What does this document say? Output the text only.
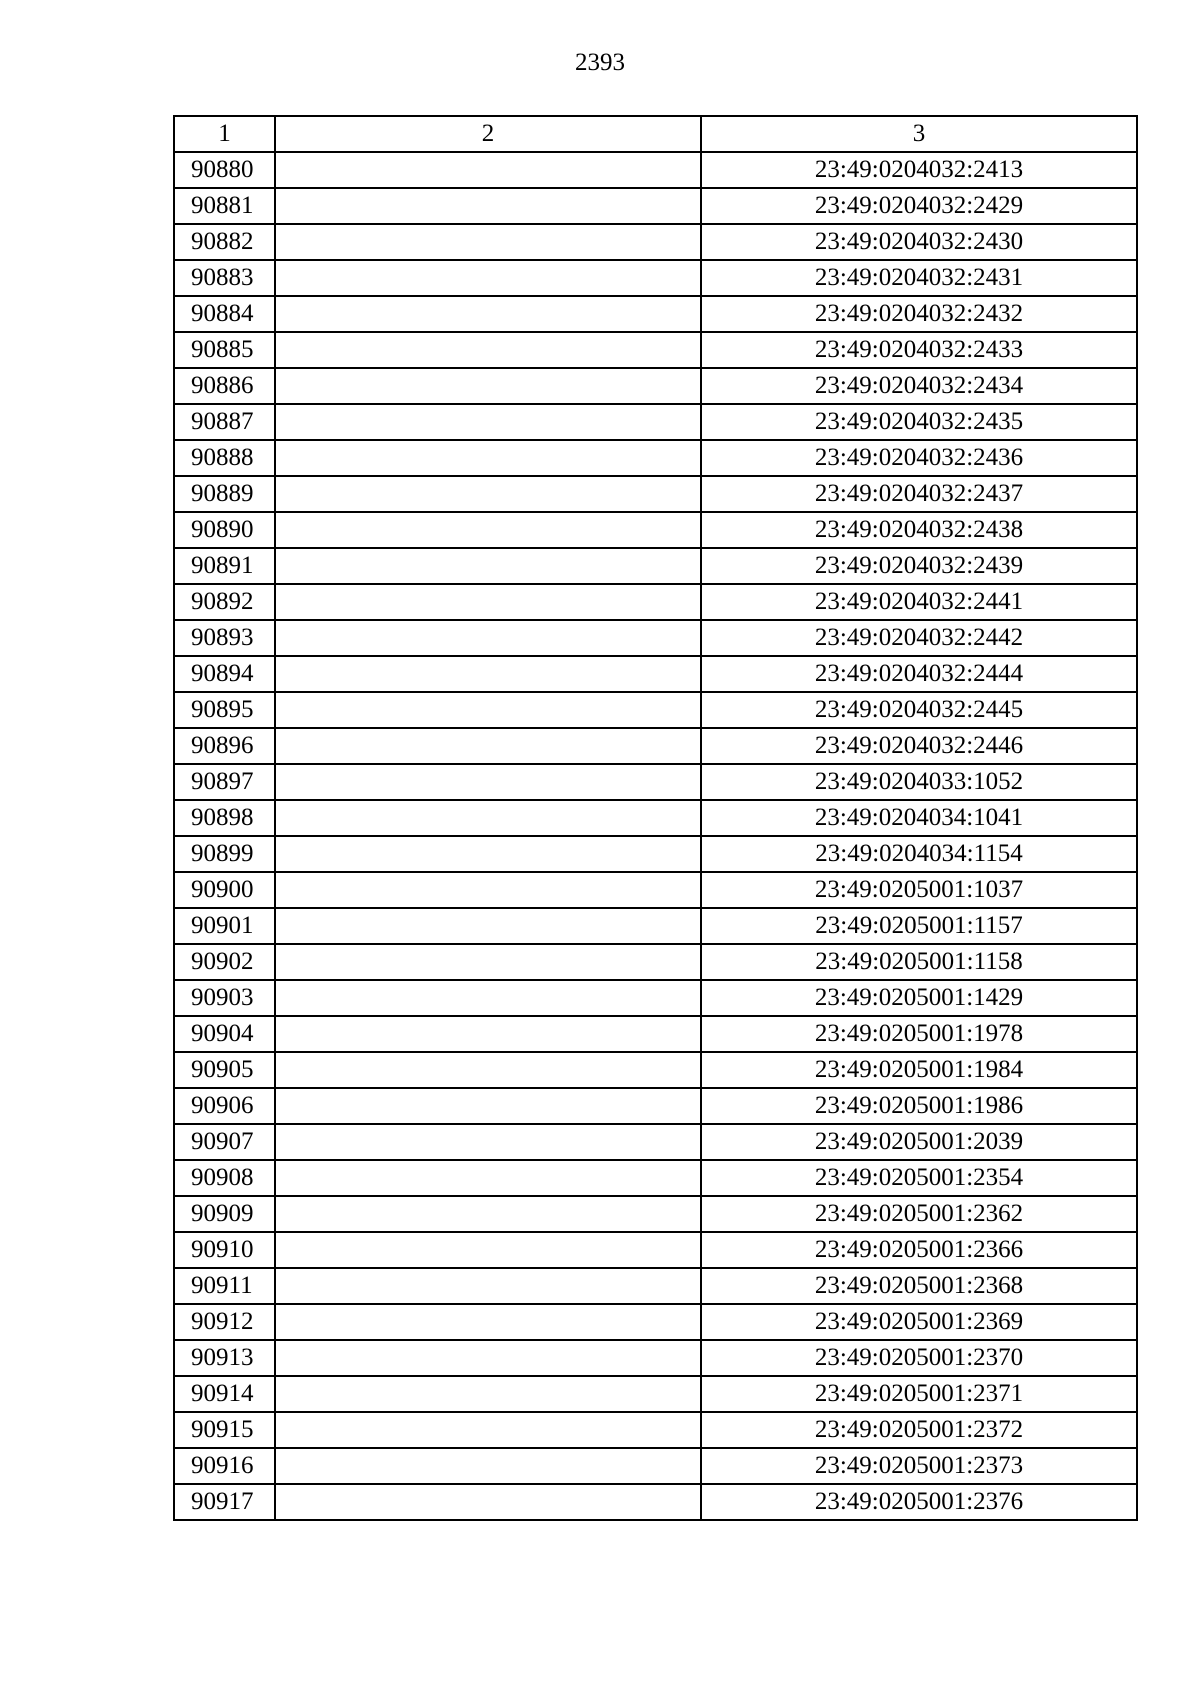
2393
1	2	3
90880		23:49:0204032:2413
90881		23:49:0204032:2429
90882		23:49:0204032:2430
90883		23:49:0204032:2431
90884		23:49:0204032:2432
90885		23:49:0204032:2433
90886		23:49:0204032:2434
90887		23:49:0204032:2435
90888		23:49:0204032:2436
90889		23:49:0204032:2437
90890		23:49:0204032:2438
90891		23:49:0204032:2439
90892		23:49:0204032:2441
90893		23:49:0204032:2442
90894		23:49:0204032:2444
90895		23:49:0204032:2445
90896		23:49:0204032:2446
90897		23:49:0204033:1052
90898		23:49:0204034:1041
90899		23:49:0204034:1154
90900		23:49:0205001:1037
90901		23:49:0205001:1157
90902		23:49:0205001:1158
90903		23:49:0205001:1429
90904		23:49:0205001:1978
90905		23:49:0205001:1984
90906		23:49:0205001:1986
90907		23:49:0205001:2039
90908		23:49:0205001:2354
90909		23:49:0205001:2362
90910		23:49:0205001:2366
90911		23:49:0205001:2368
90912		23:49:0205001:2369
90913		23:49:0205001:2370
90914		23:49:0205001:2371
90915		23:49:0205001:2372
90916		23:49:0205001:2373
90917		23:49:0205001:2376
